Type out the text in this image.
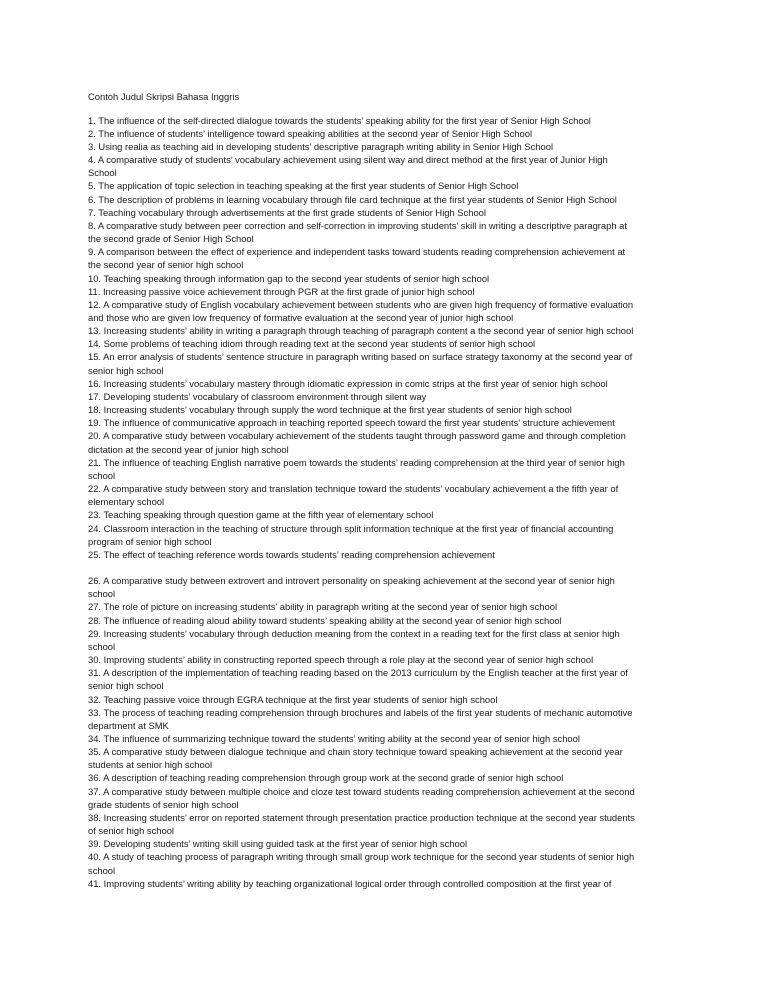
Contoh Judul Skripsi Bahasa Inggris
1. The influence of the self-directed dialogue towards the students’ speaking ability for the first year of Senior High School
2. The influence of students’ intelligence toward speaking abilities at the second year of Senior High School
3. Using realia as teaching aid in developing students’ descriptive paragraph writing ability in Senior High School
4. A comparative study of students’ vocabulary achievement using silent way and direct method at the first year of Junior High
School
5. The application of topic selection in teaching speaking at the first year students of Senior High School
6. The description of problems in learning vocabulary through file card technique at the first year students of Senior High School
7. Teaching vocabulary through advertisements at the first grade students of Senior High School
8. A comparative study between peer correction and self-correction in improving students’ skill in writing a descriptive paragraph at
the second grade of Senior High School
9. A comparison between the effect of experience and independent tasks toward students reading comprehension achievement at
the second year of senior high school
10. Teaching speaking through information gap to the second year students of senior high school
11. Increasing passive voice achievement through PGR at the first grade of junior high school
12. A comparative study of English vocabulary achievement between students who are given high frequency of formative evaluation
and those who are given low frequency of formative evaluation at the second year of junior high school
13. Increasing students’ ability in writing a paragraph through teaching of paragraph content a the second year of senior high school
14. Some problems of teaching idiom through reading text at the second year students of senior high school
15. An error analysis of students’ sentence structure in paragraph writing based on surface strategy taxonomy at the second year of
senior high school
16. Increasing students’ vocabulary mastery through idiomatic expression in comic strips at the first year of senior high school
17. Developing students’ vocabulary of classroom environment through silent way
18. Increasing students’ vocabulary through supply the word technique at the first year students of senior high school
19. The influence of communicative approach in teaching reported speech toward the first year students’ structure achievement
20. A comparative study between vocabulary achievement of the students taught through password game and through completion
dictation at the second year of junior high school
21. The influence of teaching English narrative poem towards the students’ reading comprehension at the third year of senior high
school
22. A comparative study between story and translation technique toward the students’ vocabulary achievement a the fifth year of
elementary school
23. Teaching speaking through question game at the fifth year of elementary school
24. Classroom interaction in the teaching of structure through split information technique at the first year of financial accounting
program of senior high school
25. The effect of teaching reference words towards students’ reading comprehension achievement
26. A comparative study between extrovert and introvert personality on speaking achievement at the second year of senior high
school
27. The role of picture on increasing students’ ability in paragraph writing at the second year of senior high school
28. The influence of reading aloud ability toward students’ speaking ability at the second year of senior high school
29. Increasing students’ vocabulary through deduction meaning from the context in a reading text for the first class at senior high
school
30. Improving students’ ability in constructing reported speech through a role play at the second year of senior high school
31. A description of the implementation of teaching reading based on the 2013 curriculum by the English teacher at the first year of
senior high school
32. Teaching passive voice through EGRA technique at the first year students of senior high school
33. The process of teaching reading comprehension through brochures and labels of the first year students of mechanic automotive
department at SMK
34. The influence of summarizing technique toward the students’ writing ability at the second year of senior high school
35. A comparative study between dialogue technique and chain story technique toward speaking achievement at the second year
students at senior high school
36. A description of teaching reading comprehension through group work at the second grade of senior high school
37. A comparative study between multiple choice and cloze test toward students reading comprehension achievement at the second
grade students of senior high school
38. Increasing students’ error on reported statement through presentation practice production technique at the second year students
of senior high school
39. Developing students’ writing skill using guided task at the first year of senior high school
40. A study of teaching process of paragraph writing through small group work technique for the second year students of senior high
school
41. Improving students’ writing ability by teaching organizational logical order through controlled composition at the first year of
